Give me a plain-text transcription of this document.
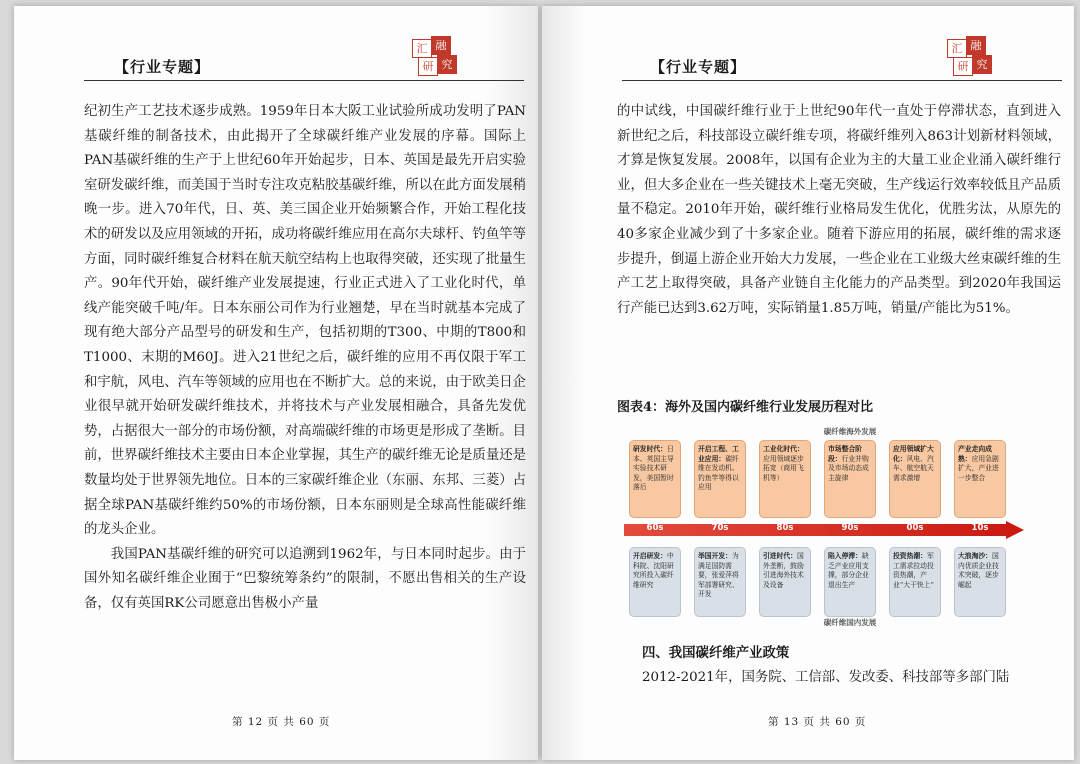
【行业专题】
汇 融
研 究

纪初生产工艺技术逐步成熟。1959年日本大阪工业试验所成功发明了PAN基碳纤维的制备技术，由此揭开了全球碳纤维产业发展的序幕。国际上PAN基碳纤维的生产于上世纪60年开始起步，日本、英国是最先开启实验室研发碳纤维，而美国于当时专注攻克粘胶基碳纤维，所以在此方面发展稍晚一步。进入70年代，日、英、美三国企业开始频繁合作，开始工程化技术的研发以及应用领域的开拓，成功将碳纤维应用在高尔夫球杆、钓鱼竿等方面，同时碳纤维复合材料在航天航空结构上也取得突破，还实现了批量生产。90年代开始，碳纤维产业发展提速，行业正式进入了工业化时代，单线产能突破千吨/年。日本东丽公司作为行业翘楚，早在当时就基本完成了现有绝大部分产品型号的研发和生产，包括初期的T300、中期的T800和T1000、末期的M60J。进入21世纪之后，碳纤维的应用不再仅限于军工和宇航，风电、汽车等领域的应用也在不断扩大。总的来说，由于欧美日企业很早就开始研发碳纤维技术，并将技术与产业发展相融合，具备先发优势，占据很大一部分的市场份额，对高端碳纤维的市场更是形成了垄断。目前，世界碳纤维技术主要由日本企业掌握，其生产的碳纤维无论是质量还是数量均处于世界领先地位。日本的三家碳纤维企业（东丽、东邦、三菱）占据全球PAN基碳纤维约50%的市场份额，日本东丽则是全球高性能碳纤维的龙头企业。

我国PAN基碳纤维的研究可以追溯到1962年，与日本同时起步。由于国外知名碳纤维企业囿于“巴黎统筹条约”的限制，不愿出售相关的生产设备，仅有英国RK公司愿意出售极小产量

第 12 页 共 60 页
【行业专题】
汇 融
研 究

的中试线，中国碳纤维行业于上世纪90年代一直处于停滞状态，直到进入新世纪之后，科技部设立碳纤维专项，将碳纤维列入863计划新材料领域，才算是恢复发展。2008年，以国有企业为主的大量工业企业涌入碳纤维行业，但大多企业在一些关键技术上毫无突破，生产线运行效率较低且产品质量不稳定。2010年开始，碳纤维行业格局发生优化，优胜劣汰，从原先的40多家企业减少到了十多家企业。随着下游应用的拓展，碳纤维的需求逐步提升，倒逼上游企业开始大力发展，一些企业在工业级大丝束碳纤维的生产工艺上取得突破，具备产业链自主化能力的产品类型。到2020年我国运行产能已达到3.62万吨，实际销量1.85万吨，销量/产能比为51%。

图表4：海外及国内碳纤维行业发展历程对比
碳纤维海外发展
研发时代：日本、英国主导实验技术研发，美国暂时落后
开启工程、工业应用：碳纤维在发动机、钓鱼竿等得以应用
工业化时代：应用领域逐步拓宽（商用飞机等）
市场整合阶段：行业并购及市场动态成主旋律
应用领域扩大化：风电、汽车、航空航天需求激增
产业走向成熟：应用急剧扩大，产业进一步整合
60s	70s	80s	90s	00s	10s
开启研发：中科院、沈阳研究所投入碳纤维研究
举国开发：为满足国防需要，张爱萍将军部署研究、开发
引进时代：国外垄断，鼓励引进海外技术及设备
陷入停滞：缺乏产业应用支撑，部分企业退出生产
投资热潮：军工需求拉动投资热潮，产业“大干快上”
大浪淘沙：国内优质企业技术突破，逐步崛起
碳纤维国内发展
四、我国碳纤维产业政策
2012-2021年，国务院、工信部、发改委、科技部等多部门陆
第 13 页 共 60 页
